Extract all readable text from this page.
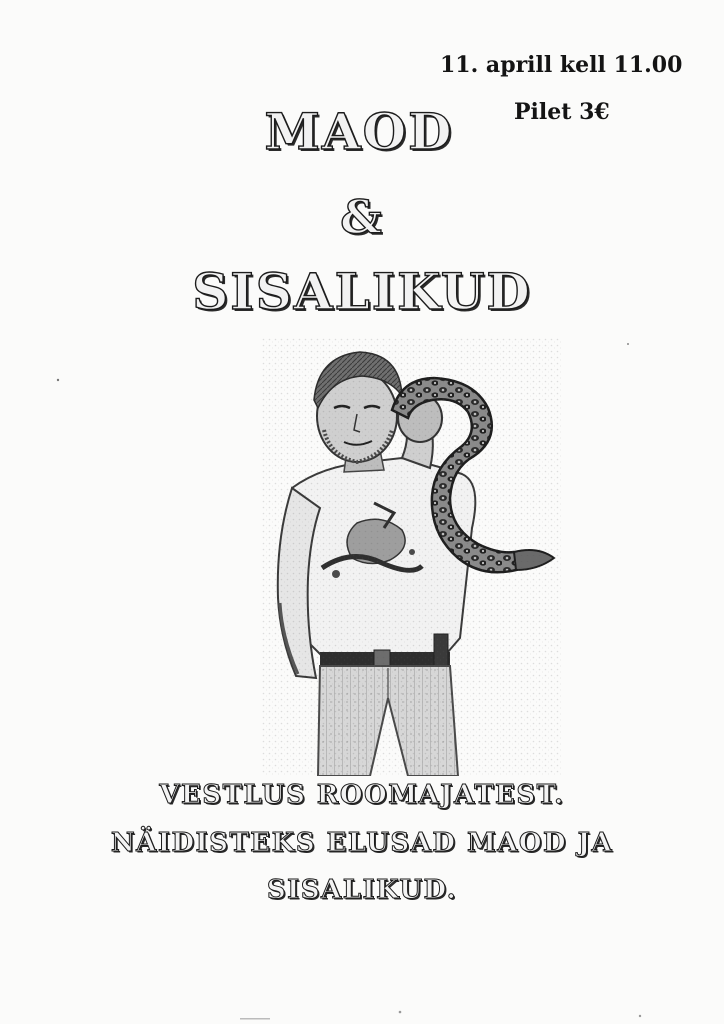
11. aprill kell 11.00
Pilet 3€
MAOD
&
SISALIKUD
VESTLUS ROOMAJATEST.
NÄIDISTEKS ELUSAD MAOD JA
SISALIKUD.
